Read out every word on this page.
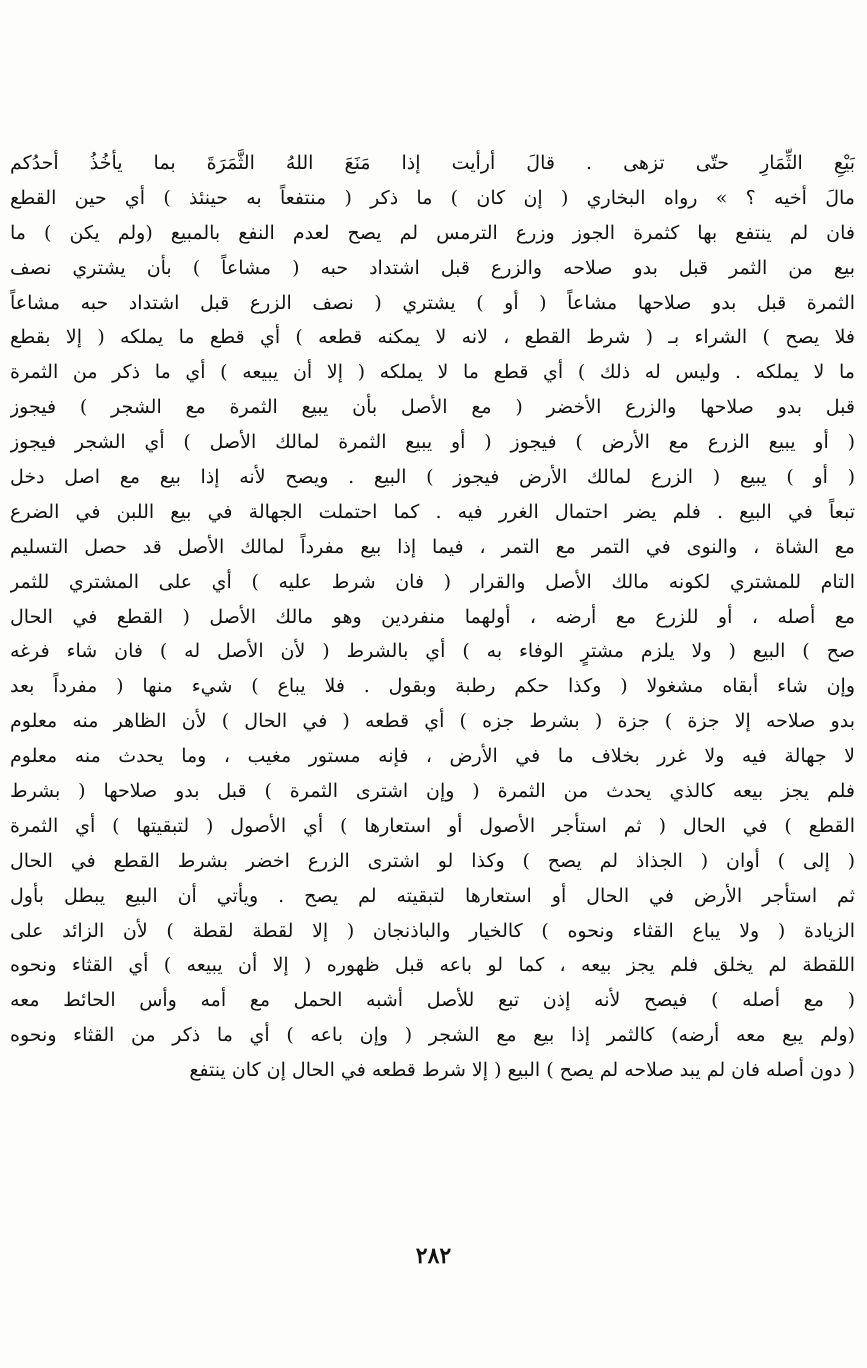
بَيْعِ الثِّمَارِ حتّى تزهى . قالَ أرأيت إذا مَنَعَ اللهُ الثَّمَرَةَ بما يأخُذُ أحدُكم
مالَ أخيه ؟ » رواه البخاري ( إن كان ) ما ذكر ( منتفعاً به حينئذ ) أي حين القطع
فان لم ينتفع بها كثمرة الجوز وزرع الترمس لم يصح لعدم النفع بالمبيع (ولم يكن ) ما
بيع من الثمر قبل بدو صلاحه والزرع قبل اشتداد حبه ( مشاعاً ) بأن يشتري نصف
الثمرة قبل بدو صلاحها مشاعاً ( أو ) يشتري ( نصف الزرع قبل اشتداد حبه مشاعاً
فلا يصح ) الشراء بـ ( شرط القطع ، لانه لا يمكنه قطعه ) أي قطع ما يملكه ( إلا بقطع
ما لا يملكه . وليس له ذلك ) أي قطع ما لا يملكه ( إلا أن يبيعه ) أي ما ذكر من الثمرة
قبل بدو صلاحها والزرع الأخضر ( مع الأصل بأن يبيع الثمرة مع الشجر ) فيجوز
( أو يبيع الزرع مع الأرض ) فيجوز ( أو يبيع الثمرة لمالك الأصل ) أي الشجر فيجوز
( أو ) يبيع ( الزرع لمالك الأرض فيجوز ) البيع . ويصح لأنه إذا بيع مع اصل دخل
تبعاً في البيع . فلم يضر احتمال الغرر فيه . كما احتملت الجهالة في بيع اللبن في الضرع
مع الشاة ، والنوى في التمر مع التمر ، فيما إذا بيع مفرداً لمالك الأصل قد حصل التسليم
التام للمشتري لكونه مالك الأصل والقرار ( فان شرط عليه ) أي على المشتري للثمر
مع أصله ، أو للزرع مع أرضه ، أولهما منفردين وهو مالك الأصل ( القطع في الحال
صح ) البيع ( ولا يلزم مشترٍ الوفاء به ) أي بالشرط ( لأن الأصل له ) فان شاء فرغه
وإن شاء أبقاه مشغولا ( وكذا حكم رطبة وبقول . فلا يباع ) شيء منها ( مفرداً بعد
بدو صلاحه إلا جزة ) جزة ( بشرط جزه ) أي قطعه ( في الحال ) لأن الظاهر منه معلوم
لا جهالة فيه ولا غرر بخلاف ما في الأرض ، فإنه مستور مغيب ، وما يحدث منه معلوم
فلم يجز بيعه كالذي يحدث من الثمرة ( وإن اشترى الثمرة ) قبل بدو صلاحها ( بشرط
القطع ) في الحال ( ثم استأجر الأصول أو استعارها ) أي الأصول ( لتبقيتها ) أي الثمرة
( إلى ) أوان ( الجذاذ لم يصح ) وكذا لو اشترى الزرع اخضر بشرط القطع في الحال
ثم استأجر الأرض في الحال أو استعارها لتبقيته لم يصح . ويأتي أن البيع يبطل بأول
الزيادة ( ولا يباع القثاء ونحوه ) كالخيار والباذنجان ( إلا لقطة لقطة ) لأن الزائد على
اللقطة لم يخلق فلم يجز بيعه ، كما لو باعه قبل ظهوره ( إلا أن يبيعه ) أي القثاء ونحوه
( مع أصله ) فيصح لأنه إذن تبع للأصل أشبه الحمل مع أمه وأس الحائط معه
(ولم يبع معه أرضه) كالثمر إذا بيع مع الشجر ( وإن باعه ) أي ما ذكر من القثاء ونحوه
( دون أصله فان لم يبد صلاحه لم يصح ) البيع ( إلا شرط قطعه في الحال إن كان ينتفع
٢٨٢
